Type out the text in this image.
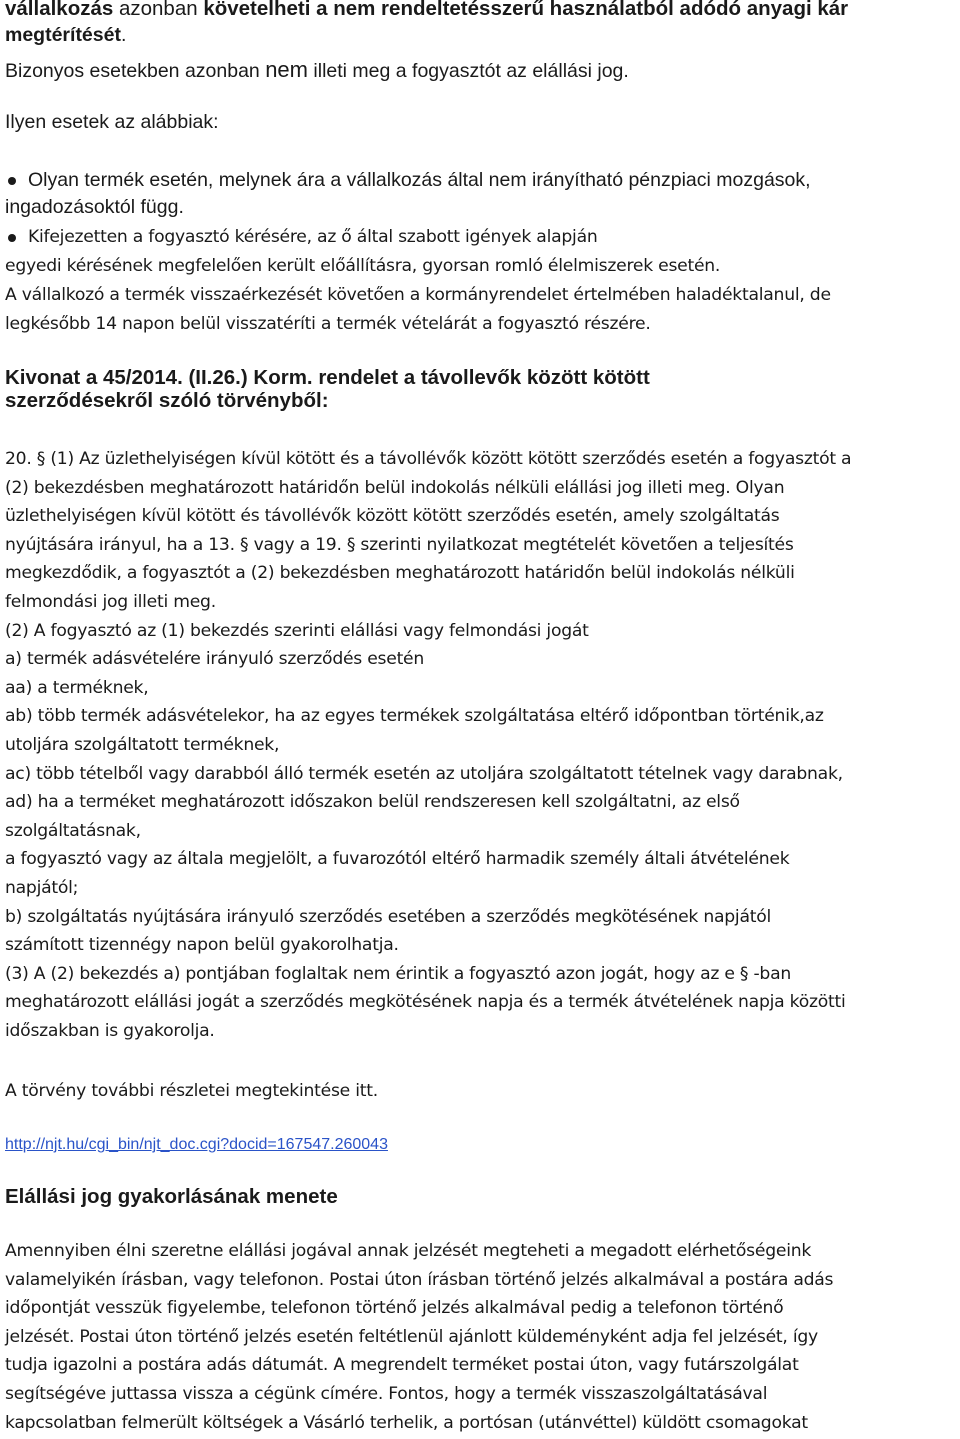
vállalkozás azonban követelheti a nem rendeltetésszerű használatból adódó anyagi kár
megtérítését.
Bizonyos esetekben azonban nem illeti meg a fogyasztót az elállási jog.
Ilyen esetek az alábbiak:
Olyan termék esetén, melynek ára a vállalkozás által nem irányítható pénzpiaci mozgások,
ingadozásoktól függ.
Kifejezetten a fogyasztó kérésére, az ő által szabott igények alapján
egyedi kérésének megfelelően került előállításra, gyorsan romló élelmiszerek esetén.
A vállalkozó a termék visszaérkezését követően a kormányrendelet értelmében haladéktalanul, de
legkésőbb 14 napon belül visszatéríti a termék vételárát a fogyasztó részére.
Kivonat a 45/2014. (II.26.) Korm. rendelet a távollevők között kötött
szerződésekről szóló törvényből:
20. § (1) Az üzlethelyiségen kívül kötött és a távollévők között kötött szerződés esetén a fogyasztót a
(2) bekezdésben meghatározott határidőn belül indokolás nélküli elállási jog illeti meg. Olyan
üzlethelyiségen kívül kötött és távollévők között kötött szerződés esetén, amely szolgáltatás
nyújtására irányul, ha a 13. § vagy a 19. § szerinti nyilatkozat megtételét követően a teljesítés
megkezdődik, a fogyasztót a (2) bekezdésben meghatározott határidőn belül indokolás nélküli
felmondási jog illeti meg.
(2) A fogyasztó az (1) bekezdés szerinti elállási vagy felmondási jogát
a) termék adásvételére irányuló szerződés esetén
aa) a terméknek,
ab) több termék adásvételekor, ha az egyes termékek szolgáltatása eltérő időpontban történik,az
utoljára szolgáltatott terméknek,
ac) több tételből vagy darabból álló termék esetén az utoljára szolgáltatott tételnek vagy darabnak,
ad) ha a terméket meghatározott időszakon belül rendszeresen kell szolgáltatni, az első
szolgáltatásnak,
a fogyasztó vagy az általa megjelölt, a fuvarozótól eltérő harmadik személy általi átvételének
napjától;
b) szolgáltatás nyújtására irányuló szerződés esetében a szerződés megkötésének napjától
számított tizennégy napon belül gyakorolhatja.
(3) A (2) bekezdés a) pontjában foglaltak nem érintik a fogyasztó azon jogát, hogy az e § -ban
meghatározott elállási jogát a szerződés megkötésének napja és a termék átvételének napja közötti
időszakban is gyakorolja.
A törvény további részletei megtekintése itt.
http://njt.hu/cgi_bin/njt_doc.cgi?docid=167547.260043
Elállási jog gyakorlásának menete
Amennyiben élni szeretne elállási jogával annak jelzését megteheti a megadott elérhetőségeink
valamelyikén írásban, vagy telefonon. Postai úton írásban történő jelzés alkalmával a postára adás
időpontját vesszük figyelembe, telefonon történő jelzés alkalmával pedig a telefonon történő
jelzését. Postai úton történő jelzés esetén feltétlenül ajánlott küldeményként adja fel jelzését, így
tudja igazolni a postára adás dátumát. A megrendelt terméket postai úton, vagy futárszolgálat
segítségéve juttassa vissza a cégünk címére. Fontos, hogy a termék visszaszolgáltatásával
kapcsolatban felmerült költségek a Vásárló terhelik, a portósan (utánvéttel) küldött csomagokat
